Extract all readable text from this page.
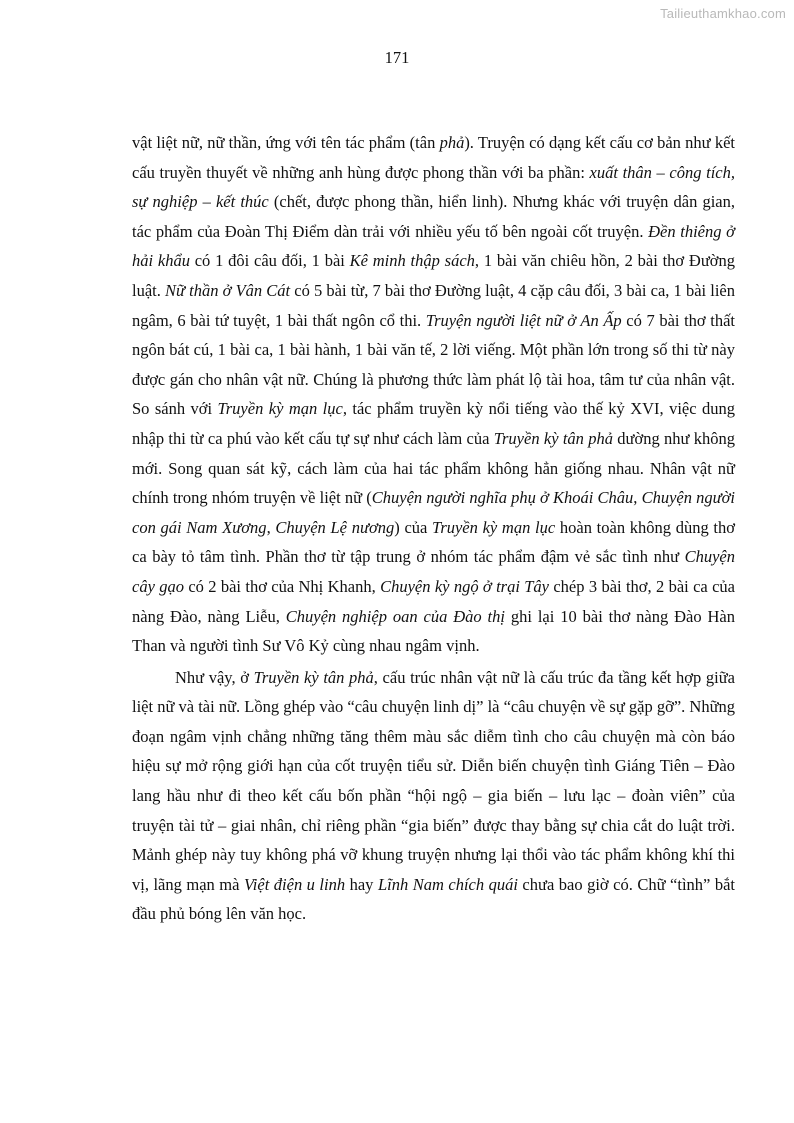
Tailieuthamkhao.com
171

vật liệt nữ, nữ thần, ứng với tên tác phẩm (tân phả). Truyện có dạng kết cấu cơ bản như kết cấu truyền thuyết về những anh hùng được phong thần với ba phần: xuất thân – công tích, sự nghiệp – kết thúc (chết, được phong thần, hiển linh). Nhưng khác với truyện dân gian, tác phẩm của Đoàn Thị Điểm dàn trải với nhiều yếu tố bên ngoài cốt truyện. Đền thiêng ở hải khẩu có 1 đôi câu đối, 1 bài Kê minh thập sách, 1 bài văn chiêu hồn, 2 bài thơ Đường luật. Nữ thần ở Vân Cát có 5 bài từ, 7 bài thơ Đường luật, 4 cặp câu đối, 3 bài ca, 1 bài liên ngâm, 6 bài tứ tuyệt, 1 bài thất ngôn cổ thi. Truyện người liệt nữ ở An Ấp có 7 bài thơ thất ngôn bát cú, 1 bài ca, 1 bài hành, 1 bài văn tế, 2 lời viếng. Một phần lớn trong số thi từ này được gán cho nhân vật nữ. Chúng là phương thức làm phát lộ tài hoa, tâm tư của nhân vật. So sánh với Truyền kỳ mạn lục, tác phẩm truyền kỳ nổi tiếng vào thế kỷ XVI, việc dung nhập thi từ ca phú vào kết cấu tự sự như cách làm của Truyền kỳ tân phả dường như không mới. Song quan sát kỹ, cách làm của hai tác phẩm không hẳn giống nhau. Nhân vật nữ chính trong nhóm truyện về liệt nữ (Chuyện người nghĩa phụ ở Khoái Châu, Chuyện người con gái Nam Xương, Chuyện Lệ nương) của Truyền kỳ mạn lục hoàn toàn không dùng thơ ca bày tỏ tâm tình. Phần thơ từ tập trung ở nhóm tác phẩm đậm vẻ sắc tình như Chuyện cây gạo có 2 bài thơ của Nhị Khanh, Chuyện kỳ ngộ ở trại Tây chép 3 bài thơ, 2 bài ca của nàng Đào, nàng Liễu, Chuyện nghiệp oan của Đào thị ghi lại 10 bài thơ nàng Đào Hàn Than và người tình Sư Vô Kỷ cùng nhau ngâm vịnh.

Như vậy, ở Truyền kỳ tân phả, cấu trúc nhân vật nữ là cấu trúc đa tầng kết hợp giữa liệt nữ và tài nữ. Lồng ghép vào “câu chuyện linh dị” là “câu chuyện về sự gặp gỡ”. Những đoạn ngâm vịnh chẳng những tăng thêm màu sắc diễm tình cho câu chuyện mà còn báo hiệu sự mở rộng giới hạn của cốt truyện tiểu sử. Diễn biến chuyện tình Giáng Tiên – Đào lang hầu như đi theo kết cấu bốn phần “hội ngộ – gia biến – lưu lạc – đoàn viên” của truyện tài tử – giai nhân, chỉ riêng phần “gia biến” được thay bằng sự chia cắt do luật trời. Mảnh ghép này tuy không phá vỡ khung truyện nhưng lại thổi vào tác phẩm không khí thi vị, lãng mạn mà Việt điện u linh hay Lĩnh Nam chích quái chưa bao giờ có. Chữ “tình” bắt đầu phủ bóng lên văn học.
